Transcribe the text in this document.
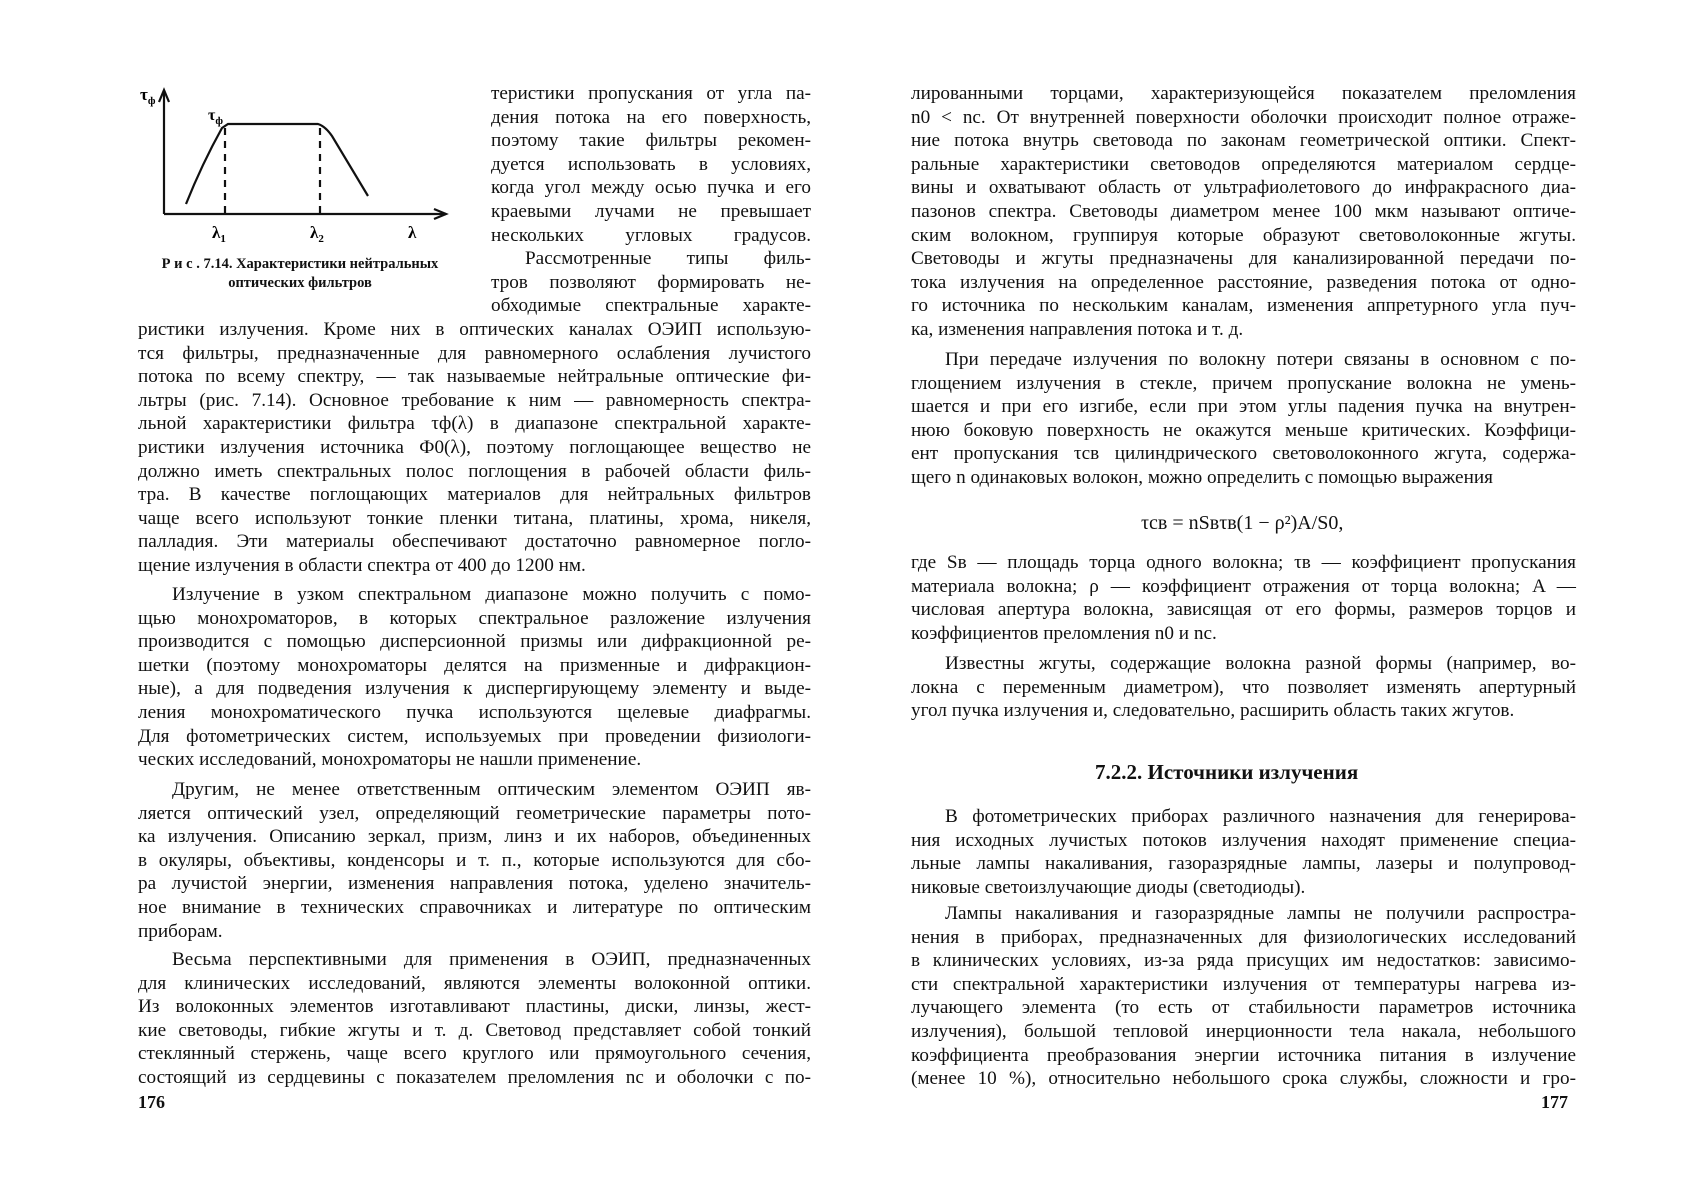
$\tau_ф$
$\tau_ф$
$\lambda_1$	$\lambda_2$	λ
Р и с . 7.14. Характеристики нейтральных
оптических фильтров
теристики пропускания от угла па-
дения потока на его поверхность,
поэтому такие фильтры рекомен-
дуется использовать в условиях,
когда угол между осью пучка и его
краевыми лучами не превышает
нескольких угловых градусов.
Рассмотренные типы филь-
тров позволяют формировать не-
обходимые спектральные характе-
ристики излучения. Кроме них в оптических каналах ОЭИП использую-
тся фильтры, предназначенные для равномерного ослабления лучистого
потока по всему спектру, — так называемые нейтральные оптические фи-
льтры (рис. 7.14). Основное требование к ним — равномерность спектра-
льной характеристики фильтра τф(λ) в диапазоне спектральной характе-
ристики излучения источника Ф0(λ), поэтому поглощающее вещество не
должно иметь спектральных полос поглощения в рабочей области филь-
тра. В качестве поглощающих материалов для нейтральных фильтров
чаще всего используют тонкие пленки титана, платины, хрома, никеля,
палладия. Эти материалы обеспечивают достаточно равномерное погло-
щение излучения в области спектра от 400 до 1200 нм.
Излучение в узком спектральном диапазоне можно получить с помо-
щью монохроматоров, в которых спектральное разложение излучения
производится с помощью дисперсионной призмы или дифракционной ре-
шетки (поэтому монохроматоры делятся на призменные и дифракцион-
ные), а для подведения излучения к диспергирующему элементу и выде-
ления монохроматического пучка используются щелевые диафрагмы.
Для фотометрических систем, используемых при проведении физиологи-
ческих исследований, монохроматоры не нашли применение.
Другим, не менее ответственным оптическим элементом ОЭИП яв-
ляется оптический узел, определяющий геометрические параметры пото-
ка излучения. Описанию зеркал, призм, линз и их наборов, объединенных
в окуляры, объективы, конденсоры и т. п., которые используются для сбо-
ра лучистой энергии, изменения направления потока, уделено значитель-
ное внимание в технических справочниках и литературе по оптическим
приборам.
Весьма перспективными для применения в ОЭИП, предназначенных
для клинических исследований, являются элементы волоконной оптики.
Из волоконных элементов изготавливают пластины, диски, линзы, жест-
кие световоды, гибкие жгуты и т. д. Световод представляет собой тонкий
стеклянный стержень, чаще всего круглого или прямоугольного сечения,
состоящий из сердцевины с показателем преломления nс и оболочки с по-

176

лированными торцами, характеризующейся показателем преломления
n0 < nс. От внутренней поверхности оболочки происходит полное отраже-
ние потока внутрь световода по законам геометрической оптики. Спект-
ральные характеристики световодов определяются материалом сердце-
вины и охватывают область от ультрафиолетового до инфракрасного диа-
пазонов спектра. Световоды диаметром менее 100 мкм называют оптиче-
ским волокном, группируя которые образуют световолоконные жгуты.
Световоды и жгуты предназначены для канализированной передачи по-
тока излучения на определенное расстояние, разведения потока от одно-
го источника по нескольким каналам, изменения аппретурного угла пуч-
ка, изменения направления потока и т. д.
При передаче излучения по волокну потери связаны в основном с по-
глощением излучения в стекле, причем пропускание волокна не умень-
шается и при его изгибе, если при этом углы падения пучка на внутрен-
нюю боковую поверхность не окажутся меньше критических. Коэффици-
ент пропускания τсв цилиндрического световолоконного жгута, содержа-
щего n одинаковых волокон, можно определить с помощью выражения

τсв = nSвτв(1 − ρ²)A/S0,

где Sв — площадь торца одного волокна; τв — коэффициент пропускания
материала волокна; ρ — коэффициент отражения от торца волокна; A —
числовая апертура волокна, зависящая от его формы, размеров торцов и
коэффициентов преломления n0 и nс.
Известны жгуты, содержащие волокна разной формы (например, во-
локна с переменным диаметром), что позволяет изменять апертурный
угол пучка излучения и, следовательно, расширить область таких жгутов.

7.2.2. Источники излучения

В фотометрических приборах различного назначения для генерирова-
ния исходных лучистых потоков излучения находят применение специа-
льные лампы накаливания, газоразрядные лампы, лазеры и полупровод-
никовые светоизлучающие диоды (светодиоды).
Лампы накаливания и газоразрядные лампы не получили распростра-
нения в приборах, предназначенных для физиологических исследований
в клинических условиях, из-за ряда присущих им недостатков: зависимо-
сти спектральной характеристики излучения от температуры нагрева из-
лучающего элемента (то есть от стабильности параметров источника
излучения), большой тепловой инерционности тела накала, небольшого
коэффициента преобразования энергии источника питания в излучение
(менее 10 %), относительно небольшого срока службы, сложности и гро-

177
